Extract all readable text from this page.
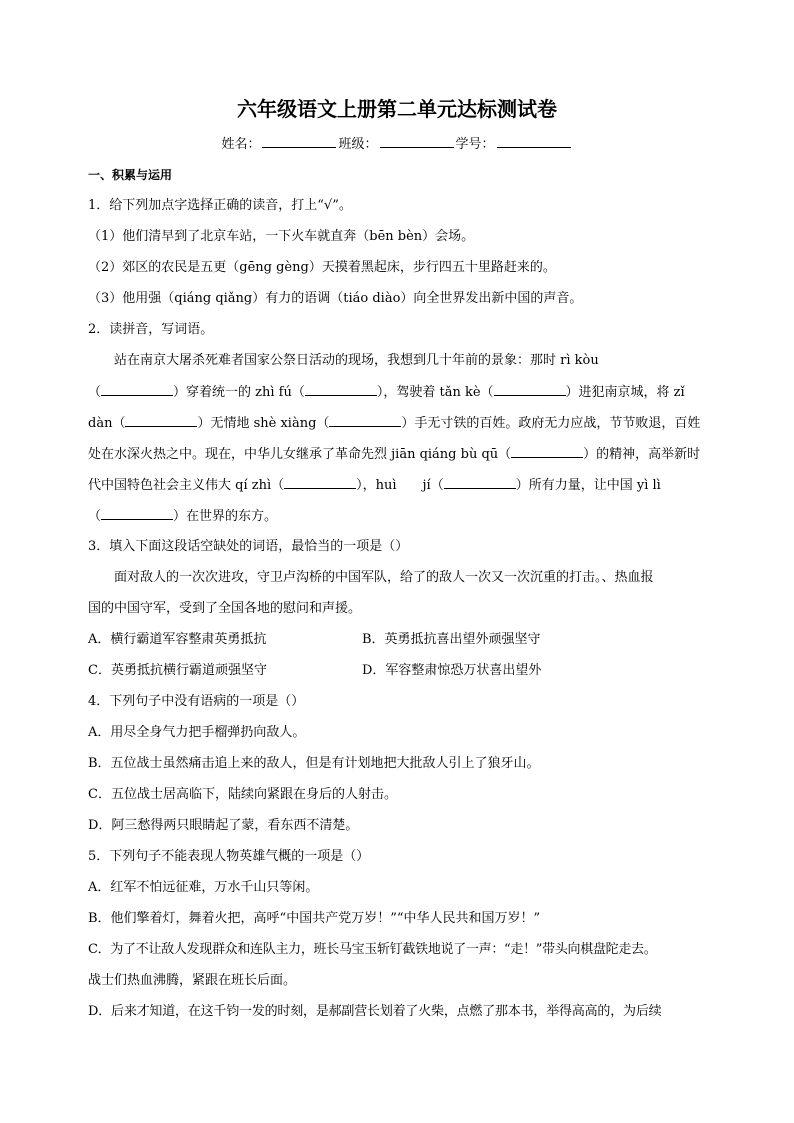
六年级语文上册第二单元达标测试卷
姓名：	班级：	学号：
一、积累与运用
1．给下列加点字选择正确的读音，打上“√”。
（1）他们清早到了北京车站，一下火车就直奔（bēn bèn）会场。
（2）郊区的农民是五更（gēng gèng）天摸着黑起床，步行四五十里路赶来的。
（3）他用强（qiáng qiǎng）有力的语调（tiáo diào）向全世界发出新中国的声音。
2．读拼音，写词语。
站在南京大屠杀死难者国家公祭日活动的现场，我想到几十年前的景象：那时 rì kòu
（	）穿着统一的 zhì fú（	），驾驶着 tǎn kè（	）进犯南京城，将 zǐ
dàn（	）无情地 shè xiàng（	）手无寸铁的百姓。政府无力应战，节节败退，百姓
处在水深火热之中。现在，中华儿女继承了革命先烈 jiān qiáng bù qū（	）的精神，高举新时
代中国特色社会主义伟大 qí zhì（	），huì　　jí（	）所有力量，让中国 yì lì
（	）在世界的东方。
3．填入下面这段话空缺处的词语，最恰当的一项是（）
面对敌人的一次次进攻，守卫卢沟桥的中国军队，给了的敌人一次又一次沉重的打击。、热血报
国的中国守军，受到了全国各地的慰问和声援。
A．横行霸道军容整肃英勇抵抗	B．英勇抵抗喜出望外顽强坚守
C．英勇抵抗横行霸道顽强坚守	D．军容整肃惊恐万状喜出望外
4．下列句子中没有语病的一项是（）
A．用尽全身气力把手榴弹扔向敌人。
B．五位战士虽然痛击追上来的敌人，但是有计划地把大批敌人引上了狼牙山。
C．五位战士居高临下，陆续向紧跟在身后的人射击。
D．阿三愁得两只眼睛起了蒙，看东西不清楚。
5．下列句子不能表现人物英雄气概的一项是（）
A．红军不怕远征难，万水千山只等闲。
B．他们擎着灯，舞着火把，高呼“中国共产党万岁！”“中华人民共和国万岁！”
C．为了不让敌人发现群众和连队主力，班长马宝玉斩钉截铁地说了一声：“走！”带头向棋盘陀走去。
战士们热血沸腾，紧跟在班长后面。
D．后来才知道，在这千钧一发的时刻，是郝副营长划着了火柴，点燃了那本书，举得高高的，为后续
